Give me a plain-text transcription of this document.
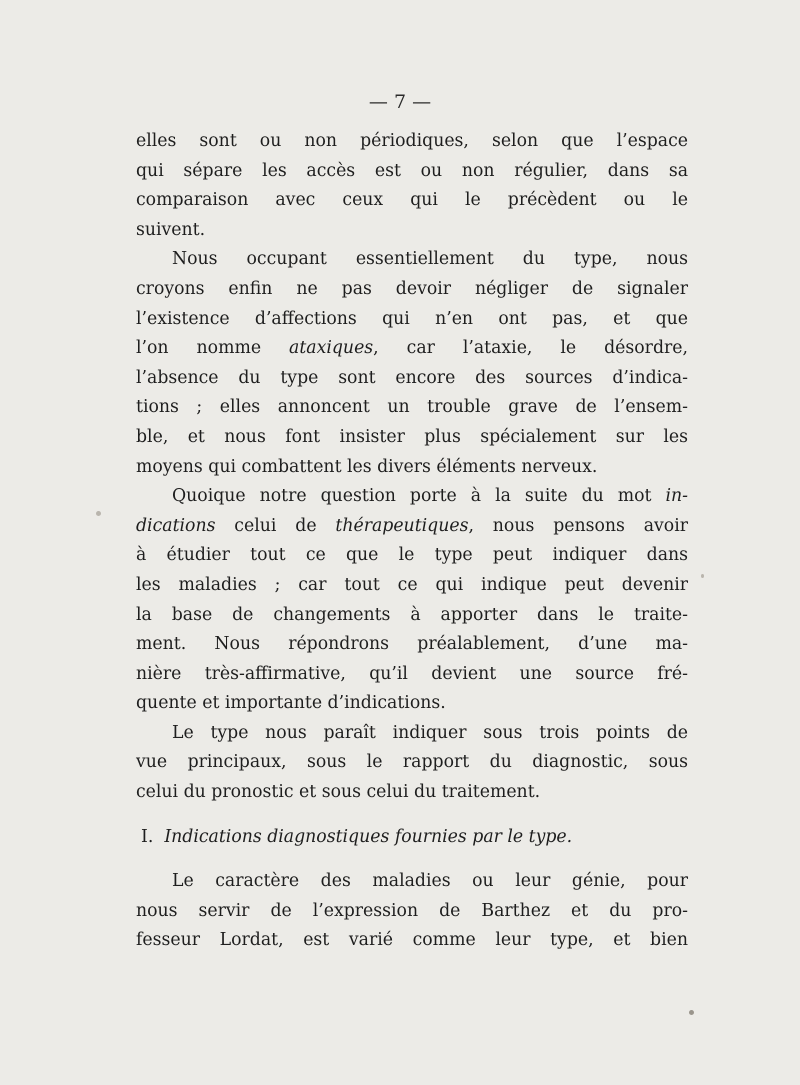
— 7 —
elles sont ou non périodiques, selon que l’espace
qui sépare les accès est ou non régulier, dans sa
comparaison avec ceux qui le précèdent ou le
suivent.
Nous occupant essentiellement du type, nous
croyons enfin ne pas devoir négliger de signaler
l’existence d’affections qui n’en ont pas, et que
l’on nomme ataxiques, car l’ataxie, le désordre,
l’absence du type sont encore des sources d’indica-
tions ; elles annoncent un trouble grave de l’ensem-
ble, et nous font insister plus spécialement sur les
moyens qui combattent les divers éléments nerveux.
Quoique notre question porte à la suite du mot in-
dications celui de thérapeutiques, nous pensons avoir
à étudier tout ce que le type peut indiquer dans
les maladies ; car tout ce qui indique peut devenir
la base de changements à apporter dans le traite-
ment. Nous répondrons préalablement, d’une ma-
nière très-affirmative, qu’il devient une source fré-
quente et importante d’indications.
Le type nous paraît indiquer sous trois points de
vue principaux, sous le rapport du diagnostic, sous
celui du pronostic et sous celui du traitement.
I. Indications diagnostiques fournies par le type.
Le caractère des maladies ou leur génie, pour
nous servir de l’expression de Barthez et du pro-
fesseur Lordat, est varié comme leur type, et bien
